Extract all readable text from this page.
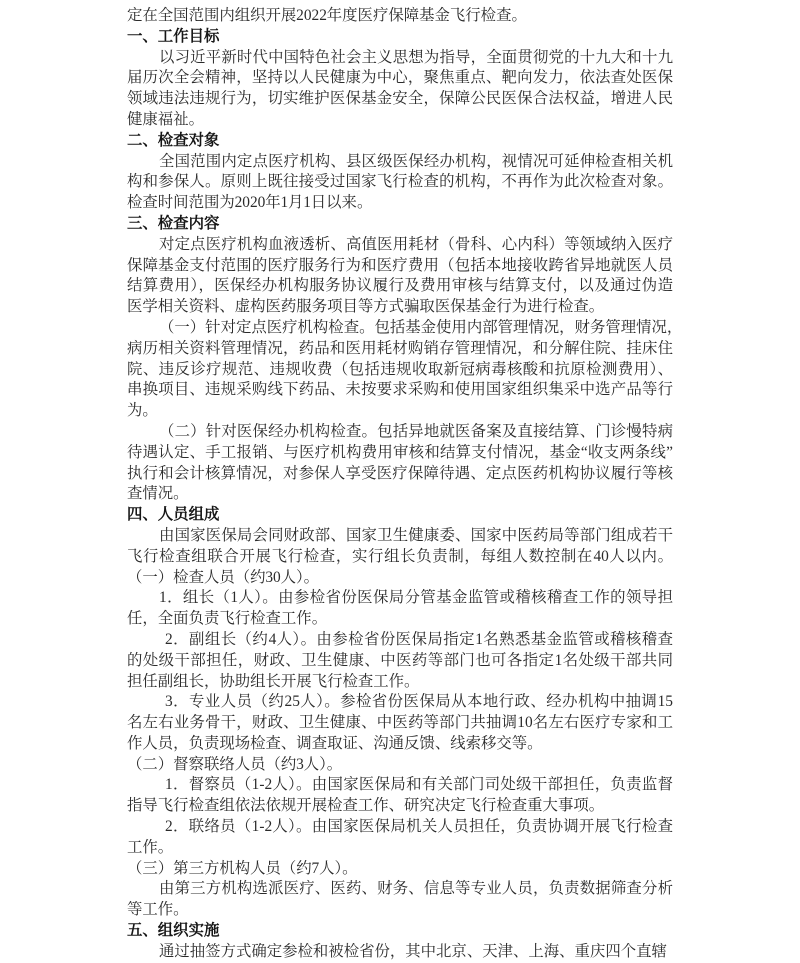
定在全国范围内组织开展 2022 年度医疗保障基金飞行检查。
一、工作目标
以习近平新时代中国特色社会主义思想为指导，全面贯彻党的十九大和十九
届历次全会精神，坚持以人民健康为中心，聚焦重点、靶向发力，依法查处医保
领域违法违规行为，切实维护医保基金安全，保障公民医保合法权益，增进人民
健康福祉。
二、检查对象
全国范围内定点医疗机构、县区级医保经办机构，视情况可延伸检查相关机
构和参保人。原则上既往接受过国家飞行检查的机构，不再作为此次检查对象。
检查时间范围为 2020 年 1 月 1 日以来。
三、检查内容
对定点医疗机构血液透析、高值医用耗材（骨科、心内科）等领域纳入医疗
保障基金支付范围的医疗服务行为和医疗费用（包括本地接收跨省异地就医人员
结算费用），医保经办机构服务协议履行及费用审核与结算支付，以及通过伪造
医学相关资料、虚构医药服务项目等方式骗取医保基金行为进行检查。
（一）针对定点医疗机构检查。包括基金使用内部管理情况，财务管理情况，
病历相关资料管理情况，药品和医用耗材购销存管理情况，和分解住院、挂床住
院、违反诊疗规范、违规收费（包括违规收取新冠病毒核酸和抗原检测费用）、
串换项目、违规采购线下药品、未按要求采购和使用国家组织集采中选产品等行
为。
（二）针对医保经办机构检查。包括异地就医备案及直接结算、门诊慢特病
待遇认定、手工报销、与医疗机构费用审核和结算支付情况，基金“收支两条线”
执行和会计核算情况，对参保人享受医疗保障待遇、定点医药机构协议履行等核
查情况。
四、人员组成
由国家医保局会同财政部、国家卫生健康委、国家中医药局等部门组成若干
飞行检查组联合开展飞行检查，实行组长负责制，每组人数控制在 40 人以内。
（一）检查人员（约 30 人）。
1．组长（1 人）。由参检省份医保局分管基金监管或稽核稽查工作的领导担
任，全面负责飞行检查工作。
2．副组长（约 4 人）。由参检省份医保局指定 1 名熟悉基金监管或稽核稽查
的处级干部担任，财政、卫生健康、中医药等部门也可各指定 1 名处级干部共同
担任副组长，协助组长开展飞行检查工作。
3．专业人员（约 25 人）。参检省份医保局从本地行政、经办机构中抽调 15
名左右业务骨干，财政、卫生健康、中医药等部门共抽调 10 名左右医疗专家和工
作人员，负责现场检查、调查取证、沟通反馈、线索移交等。
（二）督察联络人员（约 3 人）。
1．督察员（1-2 人）。由国家医保局和有关部门司处级干部担任，负责监督
指导飞行检查组依法依规开展检查工作、研究决定飞行检查重大事项。
2．联络员（1-2 人）。由国家医保局机关人员担任，负责协调开展飞行检查
工作。
（三）第三方机构人员（约 7 人）。
由第三方机构选派医疗、医药、财务、信息等专业人员，负责数据筛查分析
等工作。
五、组织实施
通过抽签方式确定参检和被检省份，其中北京、天津、上海、重庆四个直辖
